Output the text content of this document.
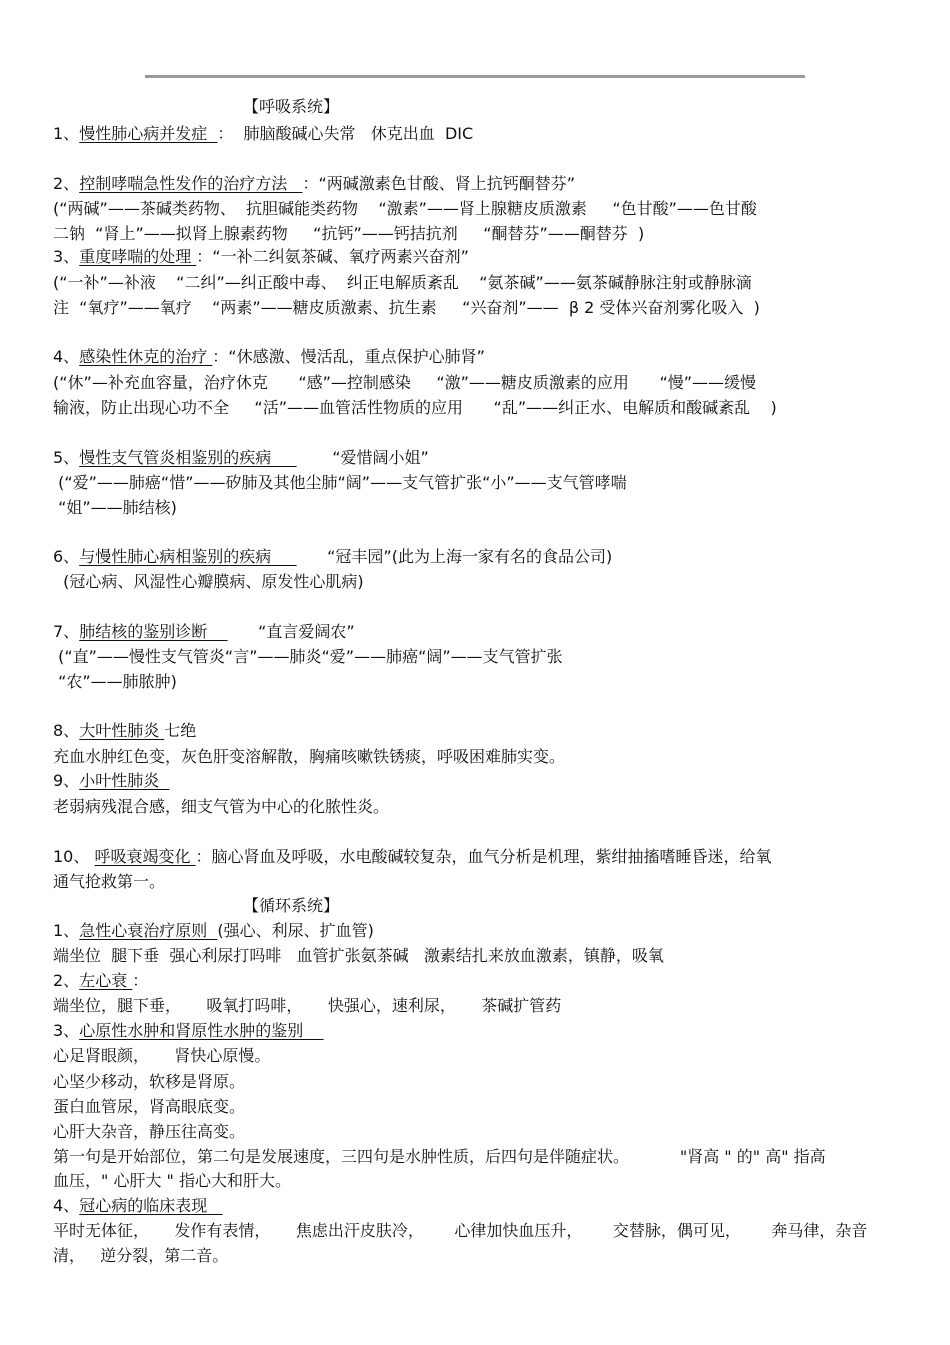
【呼吸系统】
1、慢性肺心病并发症  ：  肺脑酸碱心失常   休克出血  DIC
2、控制哮喘急性发作的治疗方法   ：“两碱激素色甘酸、肾上抗钙酮替芬”
(“两碱”——茶碱类药物、  抗胆碱能类药物    “激素”——肾上腺糖皮质激素     “色甘酸”——色甘酸
二钠  “肾上”——拟肾上腺素药物     “抗钙”——钙拮抗剂     “酮替芬”——酮替芬  )
3、重度哮喘的处理 ：“一补二纠氨茶碱、氧疗两素兴奋剂”
(“一补”—补液    “二纠”—纠正酸中毒、  纠正电解质紊乱    “氨茶碱”——氨茶碱静脉注射或静脉滴
注  “氧疗”——氧疗    “两素”——糖皮质激素、抗生素     “兴奋剂”——  β 2 受体兴奋剂雾化吸入  )
4、感染性休克的治疗 ：“休感激、慢活乱，重点保护心肺肾”
(“休”—补充血容量，治疗休克      “感”—控制感染     “激”——糖皮质激素的应用      “慢”——缓慢
输液，防止出现心功不全     “活”——血管活性物质的应用      “乱”——纠正水、电解质和酸碱紊乱    )
5、慢性支气管炎相鉴别的疾病            “爱惜阔小姐”
(“爱”——肺癌“惜”——矽肺及其他尘肺“阔”——支气管扩张“小”——支气管哮喘
“姐”——肺结核)
6、与慢性肺心病相鉴别的疾病           “冠丰园”(此为上海一家有名的食品公司)
(冠心病、风湿性心瓣膜病、原发性心肌病)
7、肺结核的鉴别诊断          “直言爱阔农”
(“直”——慢性支气管炎“言”——肺炎“爱”——肺癌“阔”——支气管扩张
“农”——肺脓肿)
8、大叶性肺炎 七绝
充血水肿红色变，灰色肝变溶解散，胸痛咳嗽铁锈痰，呼吸困难肺实变。
9、小叶性肺炎
老弱病残混合感，细支气管为中心的化脓性炎。
10、 呼吸衰竭变化 ：脑心肾血及呼吸，水电酸碱较复杂，血气分析是机理，紫绀抽搐嗜睡昏迷，给氧
通气抢救第一。
【循环系统】
1、急性心衰治疗原则  (强心、利尿、扩血管)
端坐位  腿下垂  强心利尿打吗啡   血管扩张氨茶碱   激素结扎来放血激素，镇静，吸氧
2、左心衰 ：
端坐位，腿下垂，     吸氧打吗啡，     快强心，速利尿，     茶碱扩管药
3、心原性水肿和肾原性水肿的鉴别
心足肾眼颜，     肾快心原慢。
心坚少移动，软移是肾原。
蛋白血管尿，肾高眼底变。
心肝大杂音，静压往高变。
第一句是开始部位，第二句是发展速度，三四句是水肿性质，后四句是伴随症状。          "肾高 " 的" 高" 指高
血压，" 心肝大 " 指心大和肝大。
4、冠心病的临床表现
平时无体征，     发作有表情，     焦虑出汗皮肤冷，      心律加快血压升，      交替脉，偶可见，      奔马律，杂音
清，   逆分裂，第二音。
